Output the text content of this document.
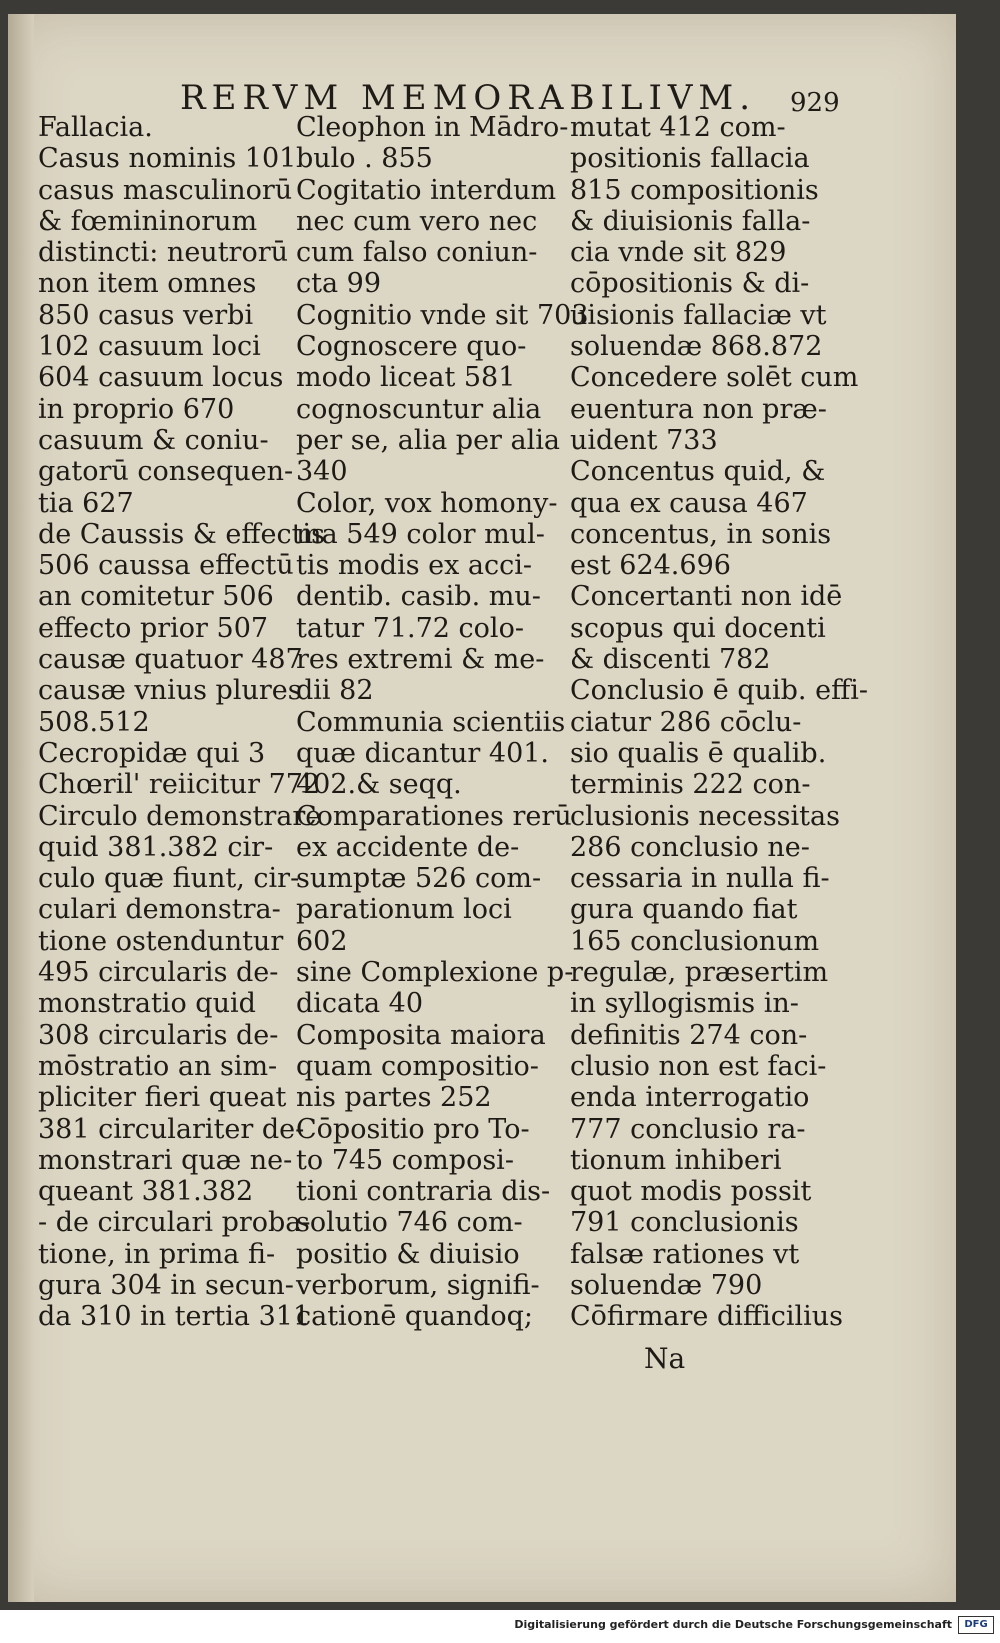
RERVM MEMORABILIVM. 929
Fallacia.
Casus nominis 101
casus masculinorū
& fœmininorum
distincti: neutrorū
non item omnes
850 casus verbi
102 casuum loci
604 casuum locus
in proprio 670
casuum & coniu-
gatorū consequen-
tia 627
de Caussis & effectis
506 caussa effectū
an comitetur 506
effecto prior 507
causæ quatuor 487
causæ vnius plures
508.512
Cecropidæ qui 3
Chœril' reiicitur 772
Circulo demonstrare
quid 381.382 cir-
culo quæ fiunt, cir-
culari demonstra-
tione ostenduntur
495 circularis de-
monstratio quid
308 circularis de-
mōstratio an sim-
pliciter fieri queat
381 circulariter de-
monstrari quæ ne-
queant 381.382
- de circulari proba-
tione, in prima fi-
gura 304 in secun-
da 310 in tertia 311
Cleophon in Mādro-
bulo . 855
Cogitatio interdum
nec cum vero nec
cum falso coniun-
cta 99
Cognitio vnde sit 703
Cognoscere quo-
modo liceat 581
cognoscuntur alia
per se, alia per alia
340
Color, vox homony-
ma 549 color mul-
tis modis ex acci-
dentib. casib. mu-
tatur 71.72 colo-
res extremi & me-
dii 82
Communia scientiis
quæ dicantur 401.
402.& seqq.
Comparationes rerū
ex accidente de-
sumptæ 526 com-
parationum loci
602
sine Complexione p-
dicata 40
Composita maiora
quam compositio-
nis partes 252
Cōpositio pro To-
to 745 composi-
tioni contraria dis-
solutio 746 com-
positio & diuisio
verborum, signifi-
cationē quandoq;
mutat 412 com-
positionis fallacia
815 compositionis
& diuisionis falla-
cia vnde sit 829
cōpositionis & di-
uisionis fallaciæ vt
soluendæ 868.872
Concedere solēt cum
euentura non præ-
uident 733
Concentus quid, &
qua ex causa 467
concentus, in sonis
est 624.696
Concertanti non idē
scopus qui docenti
& discenti 782
Conclusio ē quib. effi-
ciatur 286 cōclu-
sio qualis ē qualib.
terminis 222 con-
clusionis necessitas
286 conclusio ne-
cessaria in nulla fi-
gura quando fiat
165 conclusionum
regulæ, præsertim
in syllogismis in-
definitis 274 con-
clusio non est faci-
enda interrogatio
777 conclusio ra-
tionum inhiberi
quot modis possit
791 conclusionis
falsæ rationes vt
soluendæ 790
Cōfirmare difficilius
Na
Digitalisierung gefördert durch die Deutsche Forschungsgemeinschaft	DFG
